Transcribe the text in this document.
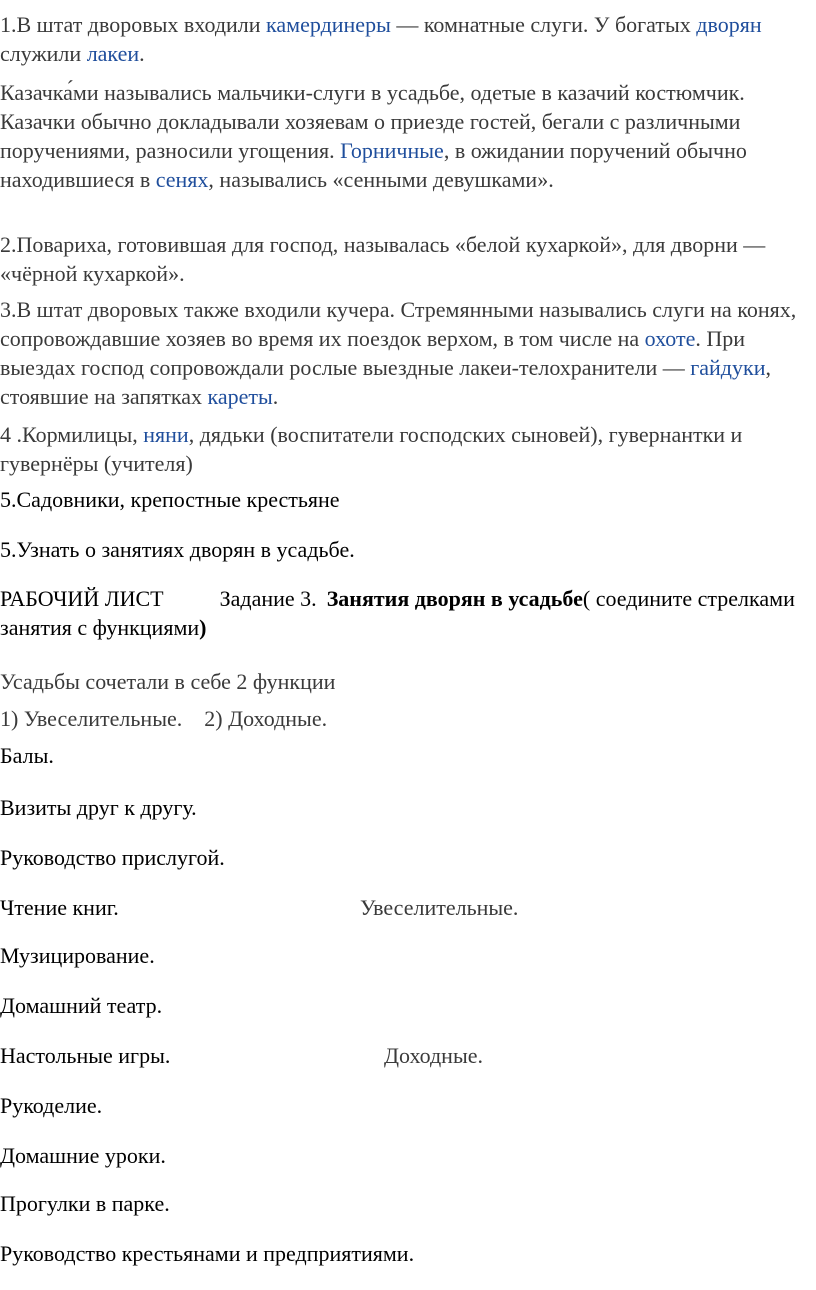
1.В штат дворовых входили камердинеры — комнатные слуги. У богатых дворян служили лакеи.

Казачка́ми назывались мальчики-слуги в усадьбе, одетые в казачий костюмчик. Казачки обычно докладывали хозяевам о приезде гостей, бегали с различными поручениями, разносили угощения. Горничные, в ожидании поручений обычно находившиеся в сенях, назывались «сенными девушками».

2.Повариха, готовившая для господ, называлась «белой кухаркой», для дворни — «чёрной кухаркой».

3.В штат дворовых также входили кучера. Стремянными назывались слуги на конях, сопровождавшие хозяев во время их поездок верхом, в том числе на охоте. При выездах господ сопровождали рослые выездные лакеи-телохранители — гайдуки, стоявшие на запятках кареты.

4 .Кормилицы, няни, дядьки (воспитатели господских сыновей), гувернантки и гувернёры (учителя)

5.Садовники, крепостные крестьяне

5.Узнать о занятиях дворян в усадьбе.

РАБОЧИЙ ЛИСТ	Задание 3. Занятия дворян в усадьбе( соедините стрелками занятия с функциями)

Усадьбы сочетали в себе 2 функции

1) Увеселительные.    2) Доходные.

Балы.
Визиты друг к другу.
Руководство прислугой.
Чтение книг.
Музицирование.
Домашний театр.
Настольные игры.
Рукоделие.
Домашние уроки.
Прогулки в парке.
Руководство крестьянами и предприятиями.
Увеселительные.
Доходные.
